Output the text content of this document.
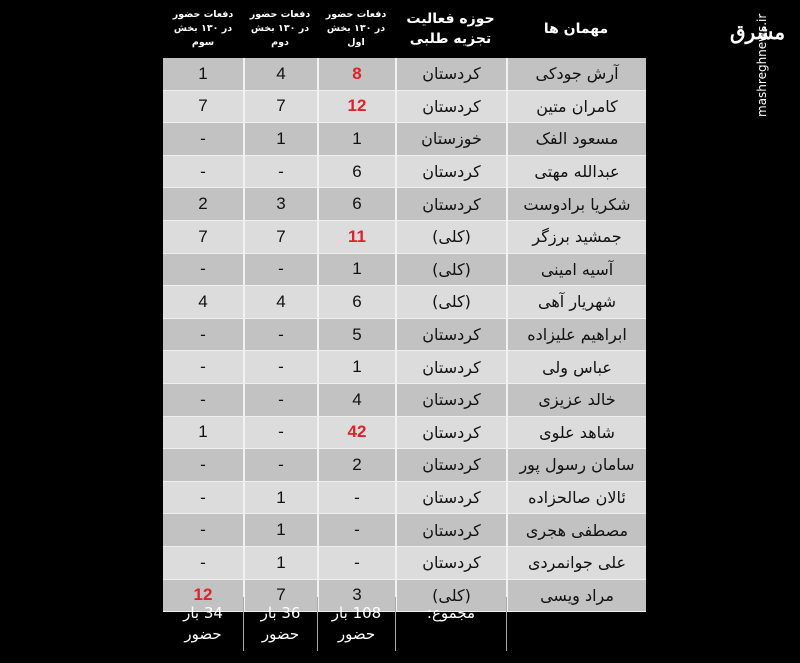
مهمان ها
حوزه فعالیت
تجزیه طلبی
دفعات حضور
در ۱۳۰ بخش اول
دفعات حضور
در ۱۳۰ بخش دوم
دفعات حضور
در ۱۳۰ بخش سوم
آرش جودکی
کردستان
8
4
1
کامران متین
کردستان
12
7
7
مسعود الفک
خوزستان
1
1
-
عبدالله مهتی
کردستان
6
-
-
شکریا برادوست
کردستان
6
3
2
جمشید برزگر
(کلی)
11
7
7
آسیه امینی
(کلی)
1
-
-
شهریار آهی
(کلی)
6
4
4
ابراهیم علیزاده
کردستان
5
-
-
عباس ولی
کردستان
1
-
-
خالد عزیزی
کردستان
4
-
-
شاهد علوی
کردستان
42
-
1
سامان رسول پور
کردستان
2
-
-
ئالان صالحزاده
کردستان
-
1
-
مصطفی هجری
کردستان
-
1
-
علی جوانمردی
کردستان
-
1
-
مراد ویسی
(کلی)
3
7
12
مجموع:
108 بار
حضور
36 بار
حضور
34 بار
حضور
مشرق
mashreghnews.ir
